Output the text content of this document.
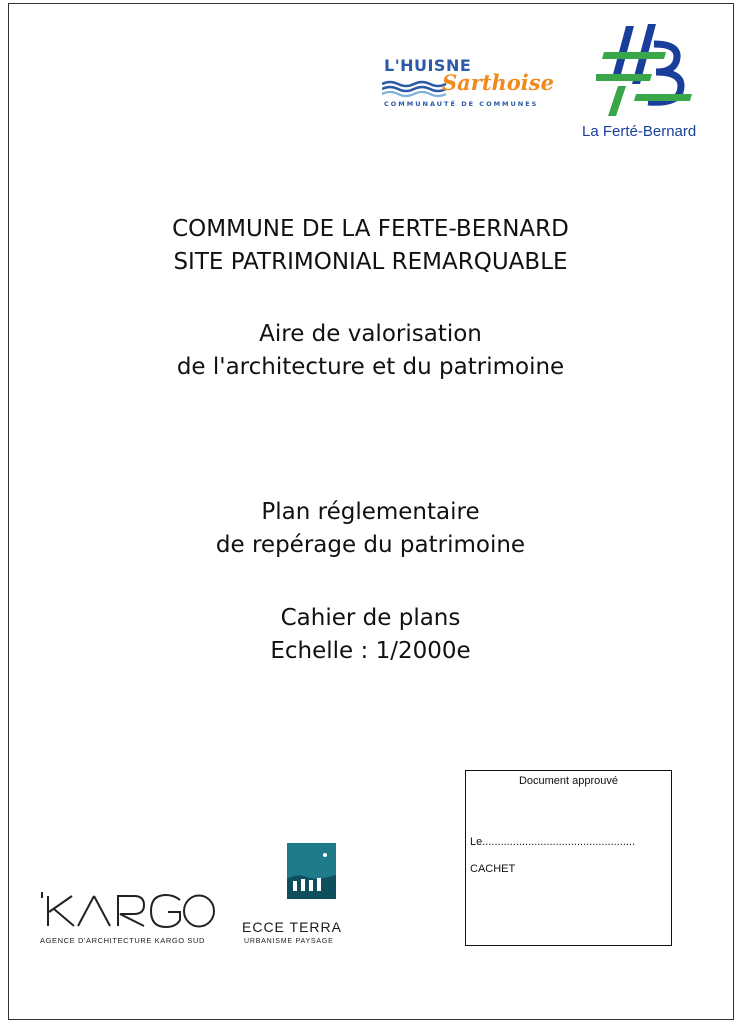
L'HUISNE
Sarthoise
COMMUNAUTÉ DE COMMUNES
La Ferté-Bernard
COMMUNE DE LA FERTE-BERNARD
SITE PATRIMONIAL REMARQUABLE
Aire de valorisation
de l'architecture et du patrimoine
Plan réglementaire
de repérage du patrimoine
Cahier de plans
Echelle : 1/2000e
Document approuvé
Le..................................................
CACHET
AGENCE D'ARCHITECTURE KARGO SUD
ECCE TERRA
URBANISME PAYSAGE
